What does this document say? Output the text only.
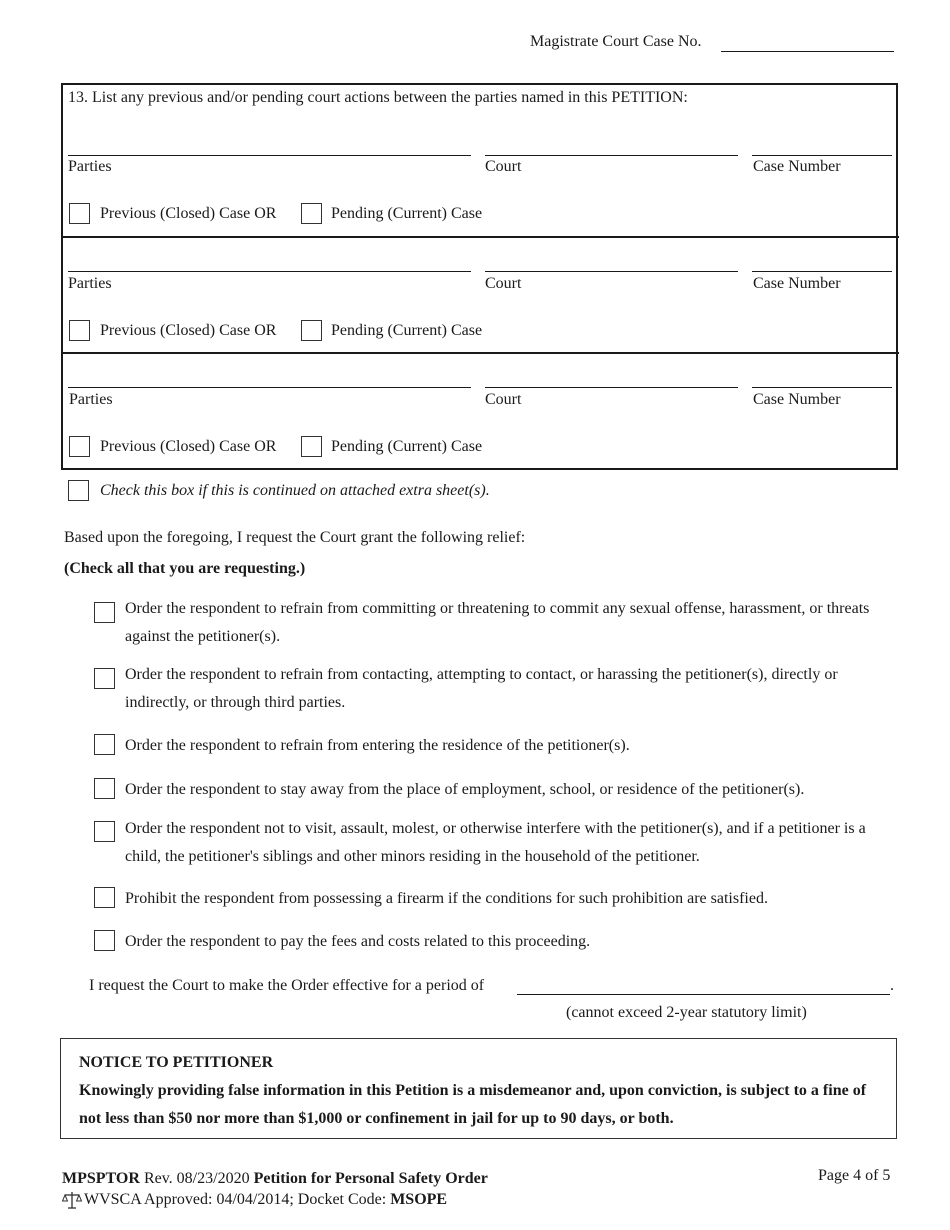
Magistrate Court Case No.
13. List any previous and/or pending court actions between the parties named in this PETITION:
Parties	Court	Case Number
Previous (Closed) Case OR	Pending (Current) Case
Parties	Court	Case Number
Previous (Closed) Case OR	Pending (Current) Case
Parties	Court	Case Number
Previous (Closed) Case OR	Pending (Current) Case
Check this box if this is continued on attached extra sheet(s).
Based upon the foregoing, I request the Court grant the following relief:
(Check all that you are requesting.)
Order the respondent to refrain from committing or threatening to commit any sexual offense, harassment, or threats against the petitioner(s).
Order the respondent to refrain from contacting, attempting to contact, or harassing the petitioner(s), directly or indirectly, or through third parties.
Order the respondent to refrain from entering the residence of the petitioner(s).
Order the respondent to stay away from the place of employment, school, or residence of the petitioner(s).
Order the respondent not to visit, assault, molest, or otherwise interfere with the petitioner(s), and if a petitioner is a child, the petitioner's siblings and other minors residing in the household of the petitioner.
Prohibit the respondent from possessing a firearm if the conditions for such prohibition are satisfied.
Order the respondent to pay the fees and costs related to this proceeding.
I request the Court to make the Order effective for a period of	.
(cannot exceed 2-year statutory limit)
NOTICE TO PETITIONER
Knowingly providing false information in this Petition is a misdemeanor and, upon conviction, is subject to a fine of not less than $50 nor more than $1,000 or confinement in jail for up to 90 days, or both.
MPSPTOR Rev. 08/23/2020 Petition for Personal Safety Order	Page 4 of 5
WVSCA Approved: 04/04/2014; Docket Code: MSOPE
